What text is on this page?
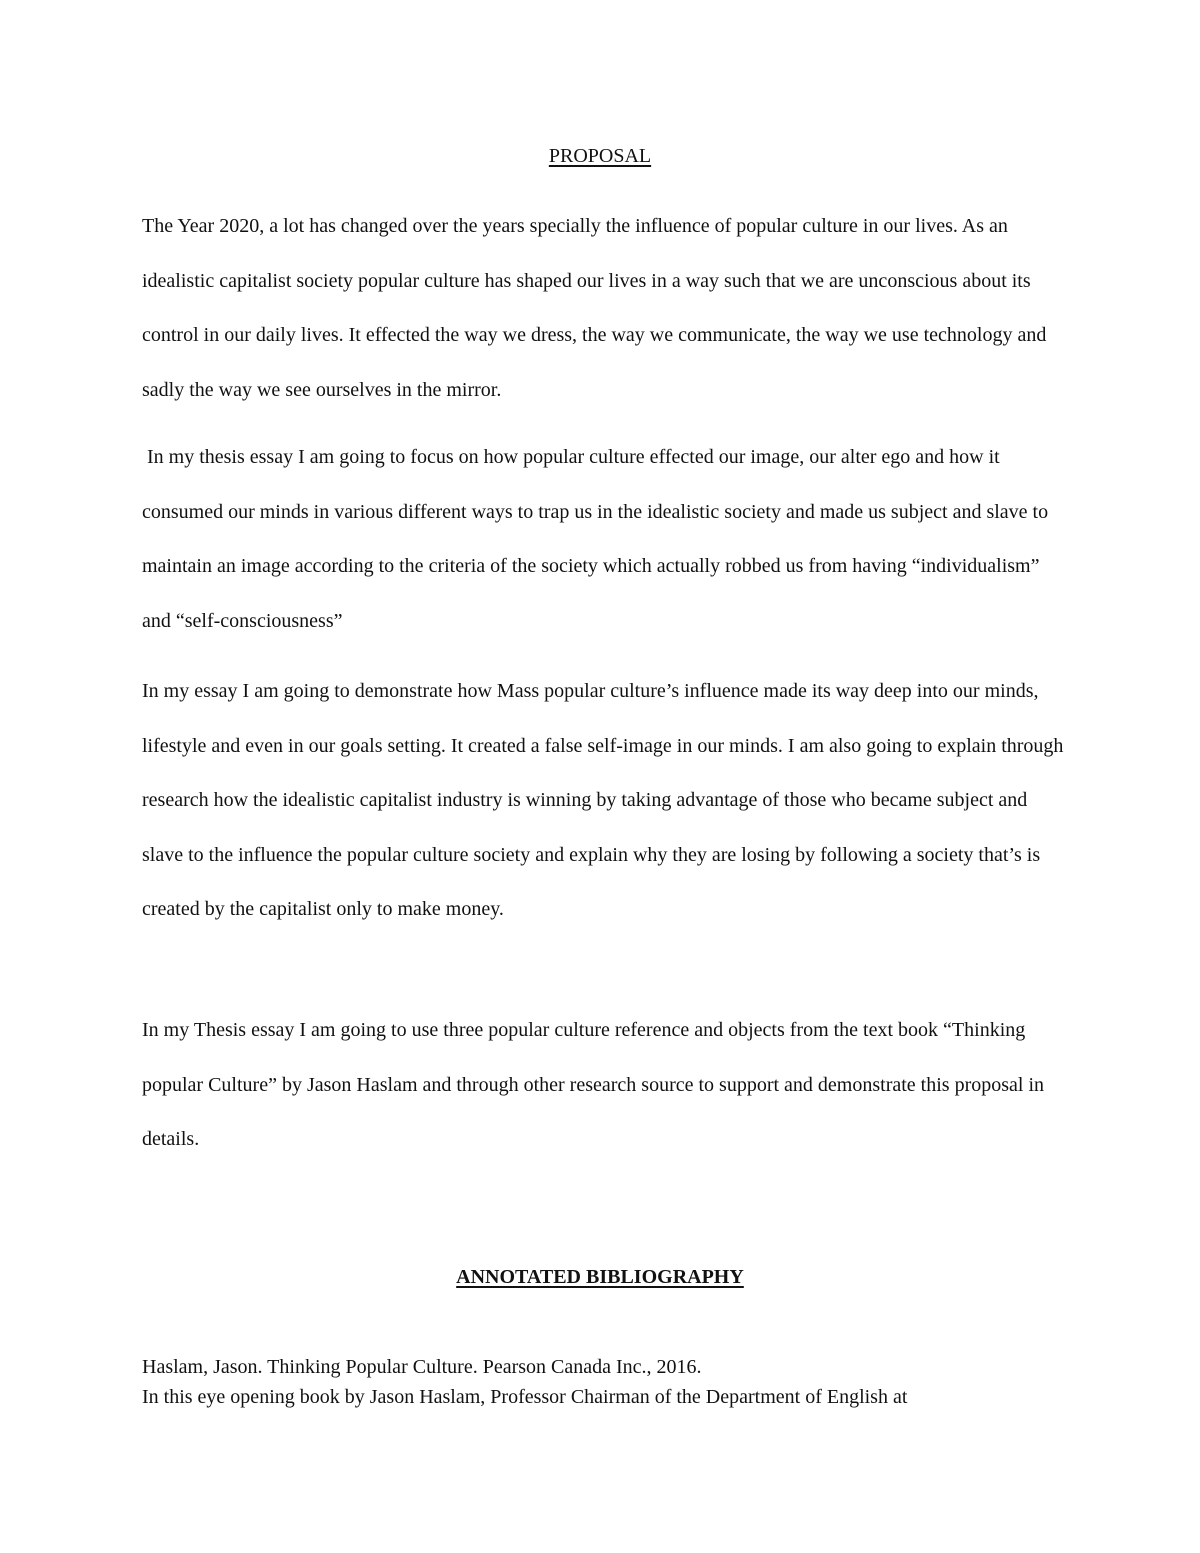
PROPOSAL

The Year 2020, a lot has changed over the years specially the influence of popular culture in our lives. As an idealistic capitalist society popular culture has shaped our lives in a way such that we are unconscious about its control in our daily lives. It effected the way we dress, the way we communicate, the way we use technology and sadly the way we see ourselves in the mirror.

In my thesis essay I am going to focus on how popular culture effected our image, our alter ego and how it consumed our minds in various different ways to trap us in the idealistic society and made us subject and slave to maintain an image according to the criteria of the society which actually robbed us from having “individualism” and “self-consciousness”

In my essay I am going to demonstrate how Mass popular culture’s influence made its way deep into our minds, lifestyle and even in our goals setting. It created a false self-image in our minds. I am also going to explain through research how the idealistic capitalist industry is winning by taking advantage of those who became subject and slave to the influence the popular culture society and explain why they are losing by following a society that’s is created by the capitalist only to make money.

In my Thesis essay I am going to use three popular culture reference and objects from the text book “Thinking popular Culture” by Jason Haslam and through other research source to support and demonstrate this proposal in details.

ANNOTATED BIBLIOGRAPHY

Haslam, Jason. Thinking Popular Culture. Pearson Canada Inc., 2016.

In this eye opening book by Jason Haslam, Professor Chairman of the Department of English at
